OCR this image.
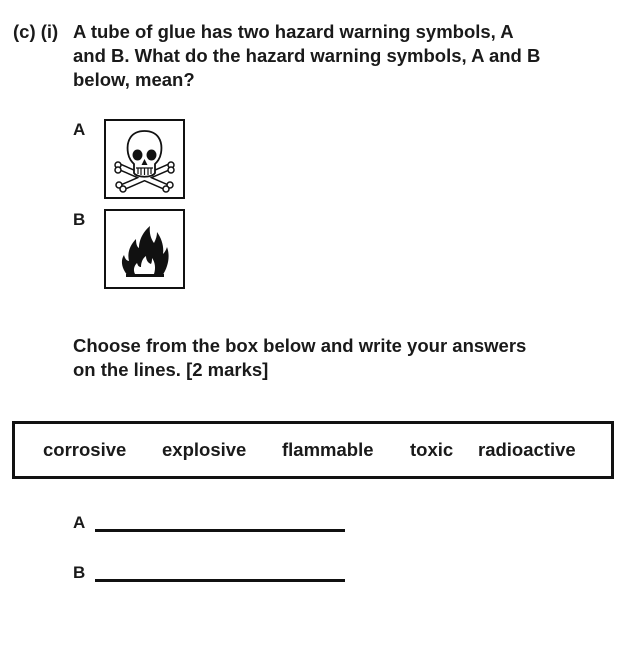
(c) (i) A tube of glue has two hazard warning symbols, A
and B. What do the hazard warning symbols, A and B
below, mean?
A
B
Choose from the box below and write your answers
on the lines. [2 marks]
corrosive explosive flammable toxic radioactive
A
B
